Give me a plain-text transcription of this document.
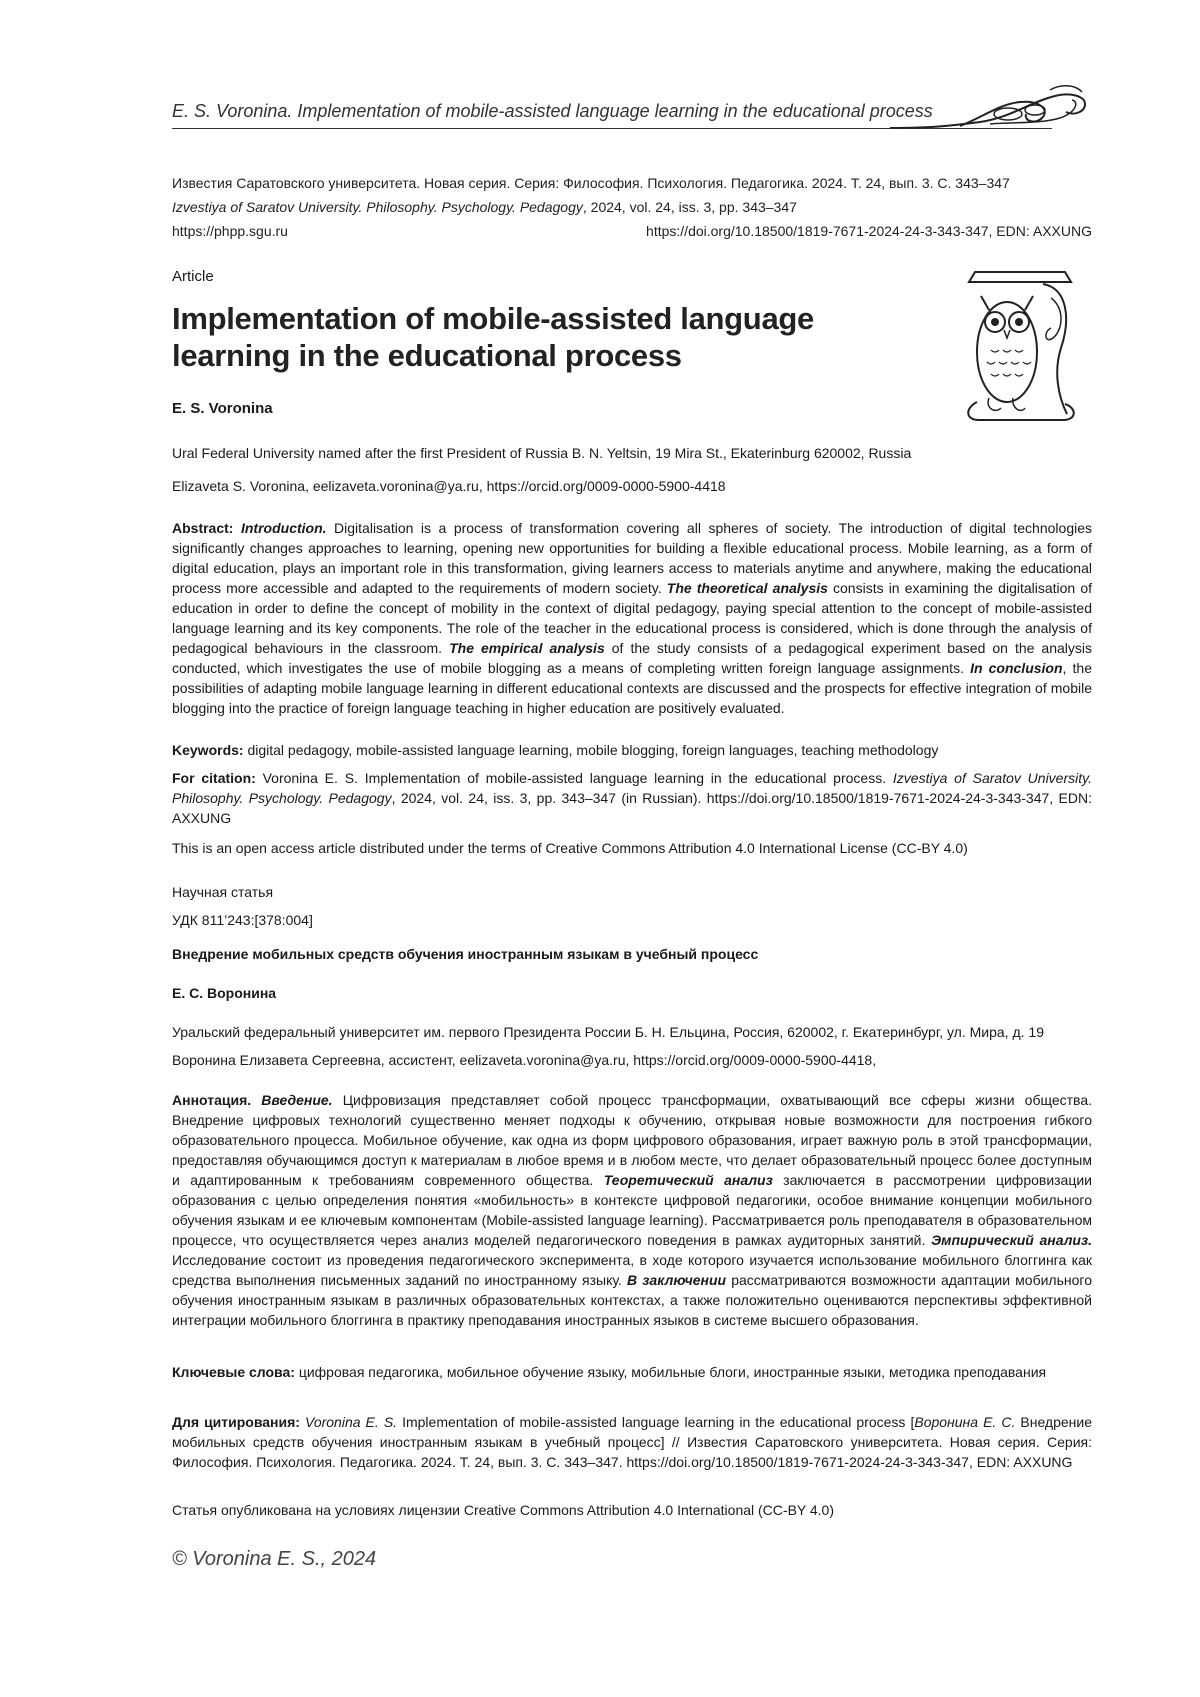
E. S. Voronina. Implementation of mobile-assisted language learning in the educational process
Известия Саратовского университета. Новая серия. Серия: Философия. Психология. Педагогика. 2024. Т. 24, вып. 3. С. 343–347
Izvestiya of Saratov University. Philosophy. Psychology. Pedagogy, 2024, vol. 24, iss. 3, pp. 343–347
https://phpp.sgu.ru	https://doi.org/10.18500/1819-7671-2024-24-3-343-347, EDN: AXXUNG
Article
Implementation of mobile-assisted language learning in the educational process
E. S. Voronina
Ural Federal University named after the first President of Russia B. N. Yeltsin, 19 Mira St., Ekaterinburg 620002, Russia
Elizaveta S. Voronina, eelizaveta.voronina@ya.ru, https://orcid.org/0009-0000-5900-4418
Abstract: Introduction. Digitalisation is a process of transformation covering all spheres of society. The introduction of digital technologies significantly changes approaches to learning, opening new opportunities for building a flexible educational process. Mobile learning, as a form of digital education, plays an important role in this transformation, giving learners access to materials anytime and anywhere, making the educational process more accessible and adapted to the requirements of modern society. The theoretical analysis consists in examining the digitalisation of education in order to define the concept of mobility in the context of digital pedagogy, paying special attention to the concept of mobile-assisted language learning and its key components. The role of the teacher in the educational process is considered, which is done through the analysis of pedagogical behaviours in the classroom. The empirical analysis of the study consists of a pedagogical experiment based on the analysis conducted, which investigates the use of mobile blogging as a means of completing written foreign language assignments. In conclusion, the possibilities of adapting mobile language learning in different educational contexts are discussed and the prospects for effective integration of mobile blogging into the practice of foreign language teaching in higher education are positively evaluated.
Keywords: digital pedagogy, mobile-assisted language learning, mobile blogging, foreign languages, teaching methodology
For citation: Voronina E. S. Implementation of mobile-assisted language learning in the educational process. Izvestiya of Saratov University. Philosophy. Psychology. Pedagogy, 2024, vol. 24, iss. 3, pp. 343–347 (in Russian). https://doi.org/10.18500/1819-7671-2024-24-3-343-347, EDN: AXXUNG
This is an open access article distributed under the terms of Creative Commons Attribution 4.0 International License (CC-BY 4.0)
Научная статья
УДК 811’243:[378:004]
Внедрение мобильных средств обучения иностранным языкам в учебный процесс
Е. С. Воронина
Уральский федеральный университет им. первого Президента России Б. Н. Ельцина, Россия, 620002, г. Екатеринбург, ул. Мира, д. 19
Воронина Елизавета Сергеевна, ассистент, eelizaveta.voronina@ya.ru, https://orcid.org/0009-0000-5900-4418,
Аннотация. Введение. Цифровизация представляет собой процесс трансформации, охватывающий все сферы жизни общества. Внедрение цифровых технологий существенно меняет подходы к обучению, открывая новые возможности для построения гибкого образовательного процесса. Мобильное обучение, как одна из форм цифрового образования, играет важную роль в этой трансформации, предоставляя обучающимся доступ к материалам в любое время и в любом месте, что делает образовательный процесс более доступным и адаптированным к требованиям современного общества. Теоретический анализ заключается в рассмотрении цифровизации образования с целью определения понятия «мобильность» в контексте цифровой педагогики, особое внимание концепции мобильного обучения языкам и ее ключевым компонентам (Mobile-assisted language learning). Рассматривается роль преподавателя в образовательном процессе, что осуществляется через анализ моделей педагогического поведения в рамках аудиторных занятий. Эмпирический анализ. Исследование состоит из проведения педагогического эксперимента, в ходе которого изучается использование мобильного блоггинга как средства выполнения письменных заданий по иностранному языку. В заключении рассматриваются возможности адаптации мобильного обучения иностранным языкам в различных образовательных контекстах, а также положительно оцениваются перспективы эффективной интеграции мобильного блоггинга в практику преподавания иностранных языков в системе высшего образования.
Ключевые слова: цифровая педагогика, мобильное обучение языку, мобильные блоги, иностранные языки, методика преподавания
Для цитирования: Voronina E. S. Implementation of mobile-assisted language learning in the educational process [Воронина Е. С. Внедрение мобильных средств обучения иностранным языкам в учебный процесс] // Известия Саратовского университета. Новая серия. Серия: Философия. Психология. Педагогика. 2024. Т. 24, вып. 3. С. 343–347. https://doi.org/10.18500/1819-7671-2024-24-3-343-347, EDN: AXXUNG
Статья опубликована на условиях лицензии Creative Commons Attribution 4.0 International (CC-BY 4.0)
© Voronina E. S., 2024
